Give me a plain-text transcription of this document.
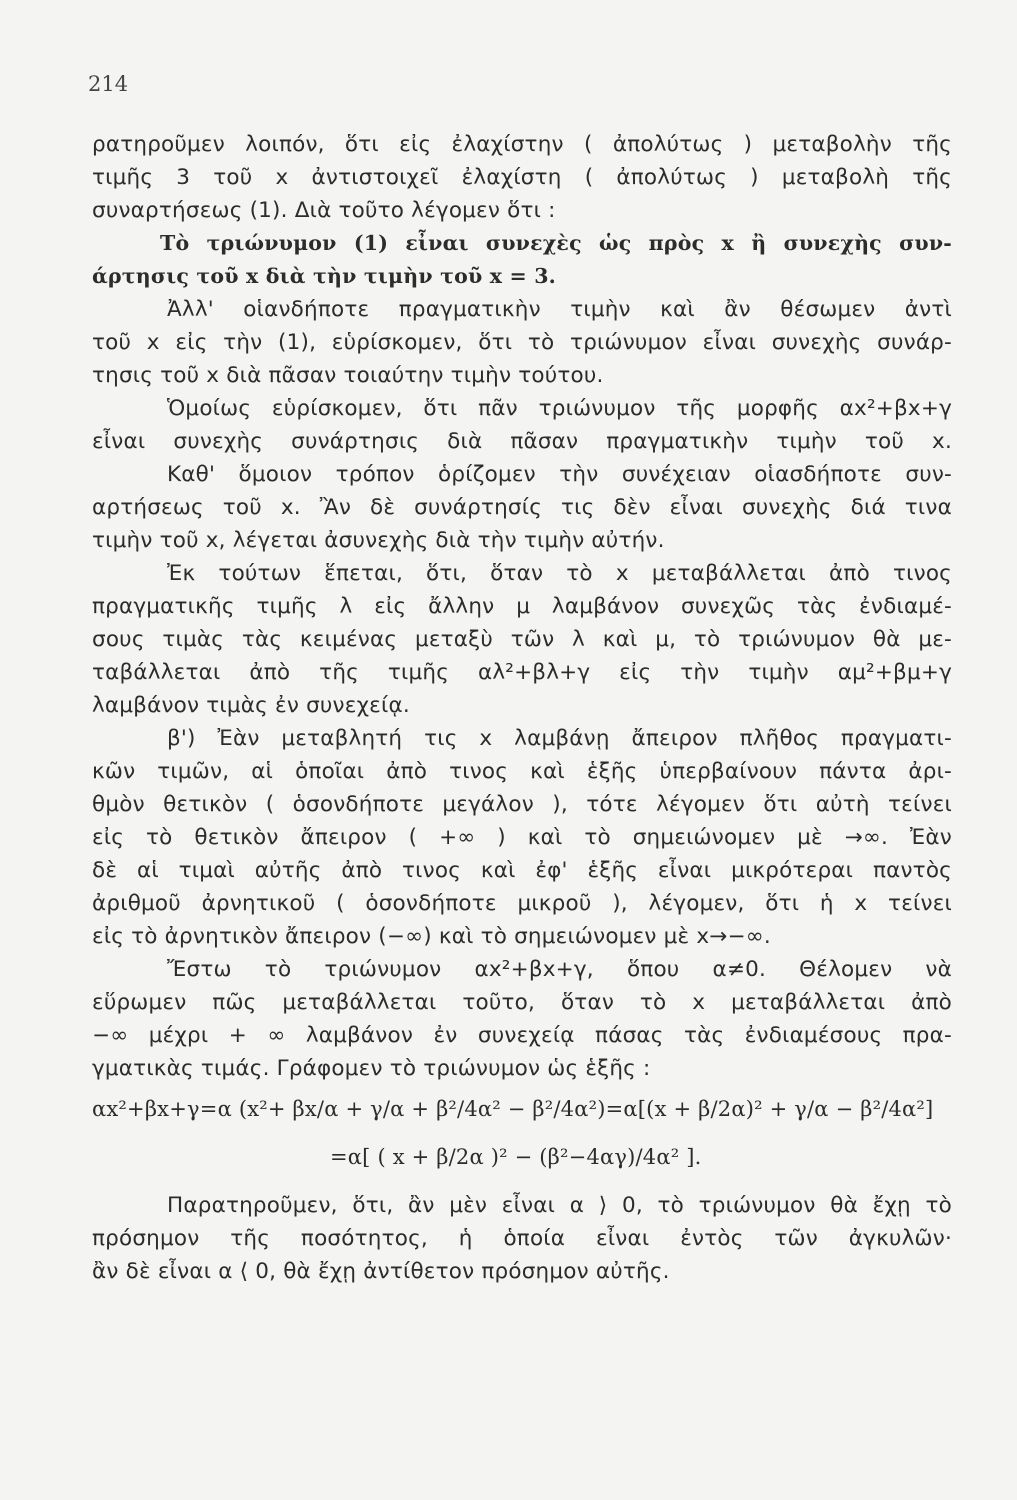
214
ρατηροῦμεν λοιπόν, ὅτι εἰς ἐλαχίστην ( ἀπολύτως ) μεταβολὴν τῆς
τιμῆς 3 τοῦ x ἀντιστοιχεῖ ἐλαχίστη ( ἀπολύτως ) μεταβολὴ τῆς
συναρτήσεως (1). Διὰ τοῦτο λέγομεν ὅτι :
Τὸ τριώνυμον (1) εἶναι συνεχὲς ὡς πρὸς x ἢ συνεχὴς συν-
άρτησις τοῦ x διὰ τὴν τιμὴν τοῦ x = 3.
Ἀλλ' οἱανδήποτε πραγματικὴν τιμὴν καὶ ἂν θέσωμεν ἀντὶ
τοῦ x εἰς τὴν (1), εὑρίσκομεν, ὅτι τὸ τριώνυμον εἶναι συνεχὴς συνάρ-
τησις τοῦ x διὰ πᾶσαν τοιαύτην τιμὴν τούτου.
Ὁμοίως εὑρίσκομεν, ὅτι πᾶν τριώνυμον τῆς μορφῆς αx²+βx+γ
εἶναι συνεχὴς συνάρτησις διὰ πᾶσαν πραγματικὴν τιμὴν τοῦ x.
Καθ' ὅμοιον τρόπον ὁρίζομεν τὴν συνέχειαν οἱασδήποτε συν-
αρτήσεως τοῦ x. Ἂν δὲ συνάρτησίς τις δὲν εἶναι συνεχὴς διά τινα
τιμὴν τοῦ x, λέγεται ἀσυνεχὴς διὰ τὴν τιμὴν αὐτήν.
Ἐκ τούτων ἕπεται, ὅτι, ὅταν τὸ x μεταβάλλεται ἀπὸ τινος
πραγματικῆς τιμῆς λ εἰς ἄλλην μ λαμβάνον συνεχῶς τὰς ἐνδιαμέ-
σους τιμὰς τὰς κειμένας μεταξὺ τῶν λ καὶ μ, τὸ τριώνυμον θὰ με-
ταβάλλεται ἀπὸ τῆς τιμῆς αλ²+βλ+γ εἰς τὴν τιμὴν αμ²+βμ+γ
λαμβάνον τιμὰς ἐν συνεχείᾳ.
β') Ἐὰν μεταβλητή τις x λαμβάνῃ ἄπειρον πλῆθος πραγματι-
κῶν τιμῶν, αἱ ὁποῖαι ἀπὸ τινος καὶ ἑξῆς ὑπερβαίνουν πάντα ἀρι-
θμὸν θετικὸν ( ὁσονδήποτε μεγάλον ), τότε λέγομεν ὅτι αὐτὴ τείνει
εἰς τὸ θετικὸν ἄπειρον ( +∞ ) καὶ τὸ σημειώνομεν μὲ →∞. Ἐὰν
δὲ αἱ τιμαὶ αὐτῆς ἀπὸ τινος καὶ ἐφ' ἑξῆς εἶναι μικρότεραι παντὸς
ἀριθμοῦ ἀρνητικοῦ ( ὁσονδήποτε μικροῦ ), λέγομεν, ὅτι ἡ x τείνει
εἰς τὸ ἀρνητικὸν ἄπειρον (−∞) καὶ τὸ σημειώνομεν μὲ x→−∞.
Ἔστω τὸ τριώνυμον αx²+βx+γ, ὅπου α≠0. Θέλομεν νὰ
εὕρωμεν πῶς μεταβάλλεται τοῦτο, ὅταν τὸ x μεταβάλλεται ἀπὸ
−∞ μέχρι + ∞ λαμβάνον ἐν συνεχείᾳ πάσας τὰς ἐνδιαμέσους πρα-
γματικὰς τιμάς. Γράφομεν τὸ τριώνυμον ὡς ἑξῆς :
αx²+βx+γ=α (x²+ βx/α + γ/α + β²/4α² − β²/4α²)=α[(x + β/2α)² + γ/α − β²/4α²]
=α[ ( x + β/2α )² − (β²−4αγ)/4α² ].
Παρατηροῦμεν, ὅτι, ἂν μὲν εἶναι α ⟩ 0, τὸ τριώνυμον θὰ ἔχῃ τὸ
πρόσημον τῆς ποσότητος, ἡ ὁποία εἶναι ἐντὸς τῶν ἀγκυλῶν·
ἂν δὲ εἶναι α ⟨ 0, θὰ ἔχῃ ἀντίθετον πρόσημον αὐτῆς.
